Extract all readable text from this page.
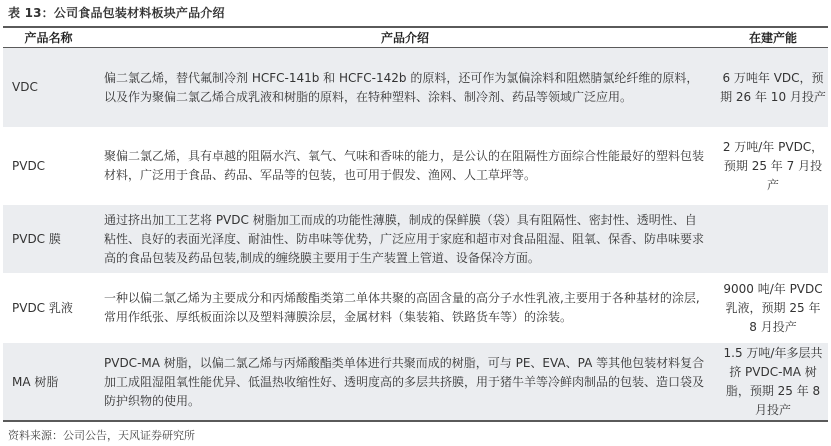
表 13：公司食品包装材料板块产品介绍
产品名称	产品介绍	在建产能
VDC	偏二氯乙烯，替代氟制冷剂 HCFC-141b 和 HCFC-142b 的原料，还可作为氯偏涂料和阻燃腈氯纶纤维的原料，以及作为聚偏二氯乙烯合成乳液和树脂的原料，在特种塑料、涂料、制冷剂、药品等领域广泛应用。	6 万吨年 VDC，预期 26 年 10 月投产
PVDC	聚偏二氯乙烯，具有卓越的阻隔水汽、氧气、气味和香味的能力，是公认的在阻隔性方面综合性能最好的塑料包装材料，广泛用于食品、药品、军品等的包装，也可用于假发、渔网、人工草坪等。	2 万吨/年 PVDC，预期 25 年 7 月投产
PVDC 膜	通过挤出加工工艺将 PVDC 树脂加工而成的功能性薄膜，制成的保鲜膜（袋）具有阻隔性、密封性、透明性、自粘性、良好的表面光泽度、耐油性、防串味等优势，广泛应用于家庭和超市对食品阻湿、阻氧、保香、防串味要求高的食品包装及药品包装,制成的缠绕膜主要用于生产装置上管道、设备保冷方面。	
PVDC 乳液	一种以偏二氯乙烯为主要成分和丙烯酸酯类第二单体共聚的高固含量的高分子水性乳液,主要用于各种基材的涂层,常用作纸张、厚纸板面涂以及塑料薄膜涂层，金属材料（集装箱、铁路货车等）的涂装。	9000 吨/年 PVDC 乳液，预期 25 年 8 月投产
MA 树脂	PVDC-MA 树脂，以偏二氯乙烯与丙烯酸酯类单体进行共聚而成的树脂，可与 PE、EVA、PA 等其他包装材料复合加工成阻湿阻氧性能优异、低温热收缩性好、透明度高的多层共挤膜，用于猪牛羊等冷鲜肉制品的包装、造口袋及防护织物的使用。	1.5 万吨/年多层共挤 PVDC-MA 树脂，预期 25 年 8 月投产
资料来源：公司公告，天风证券研究所
